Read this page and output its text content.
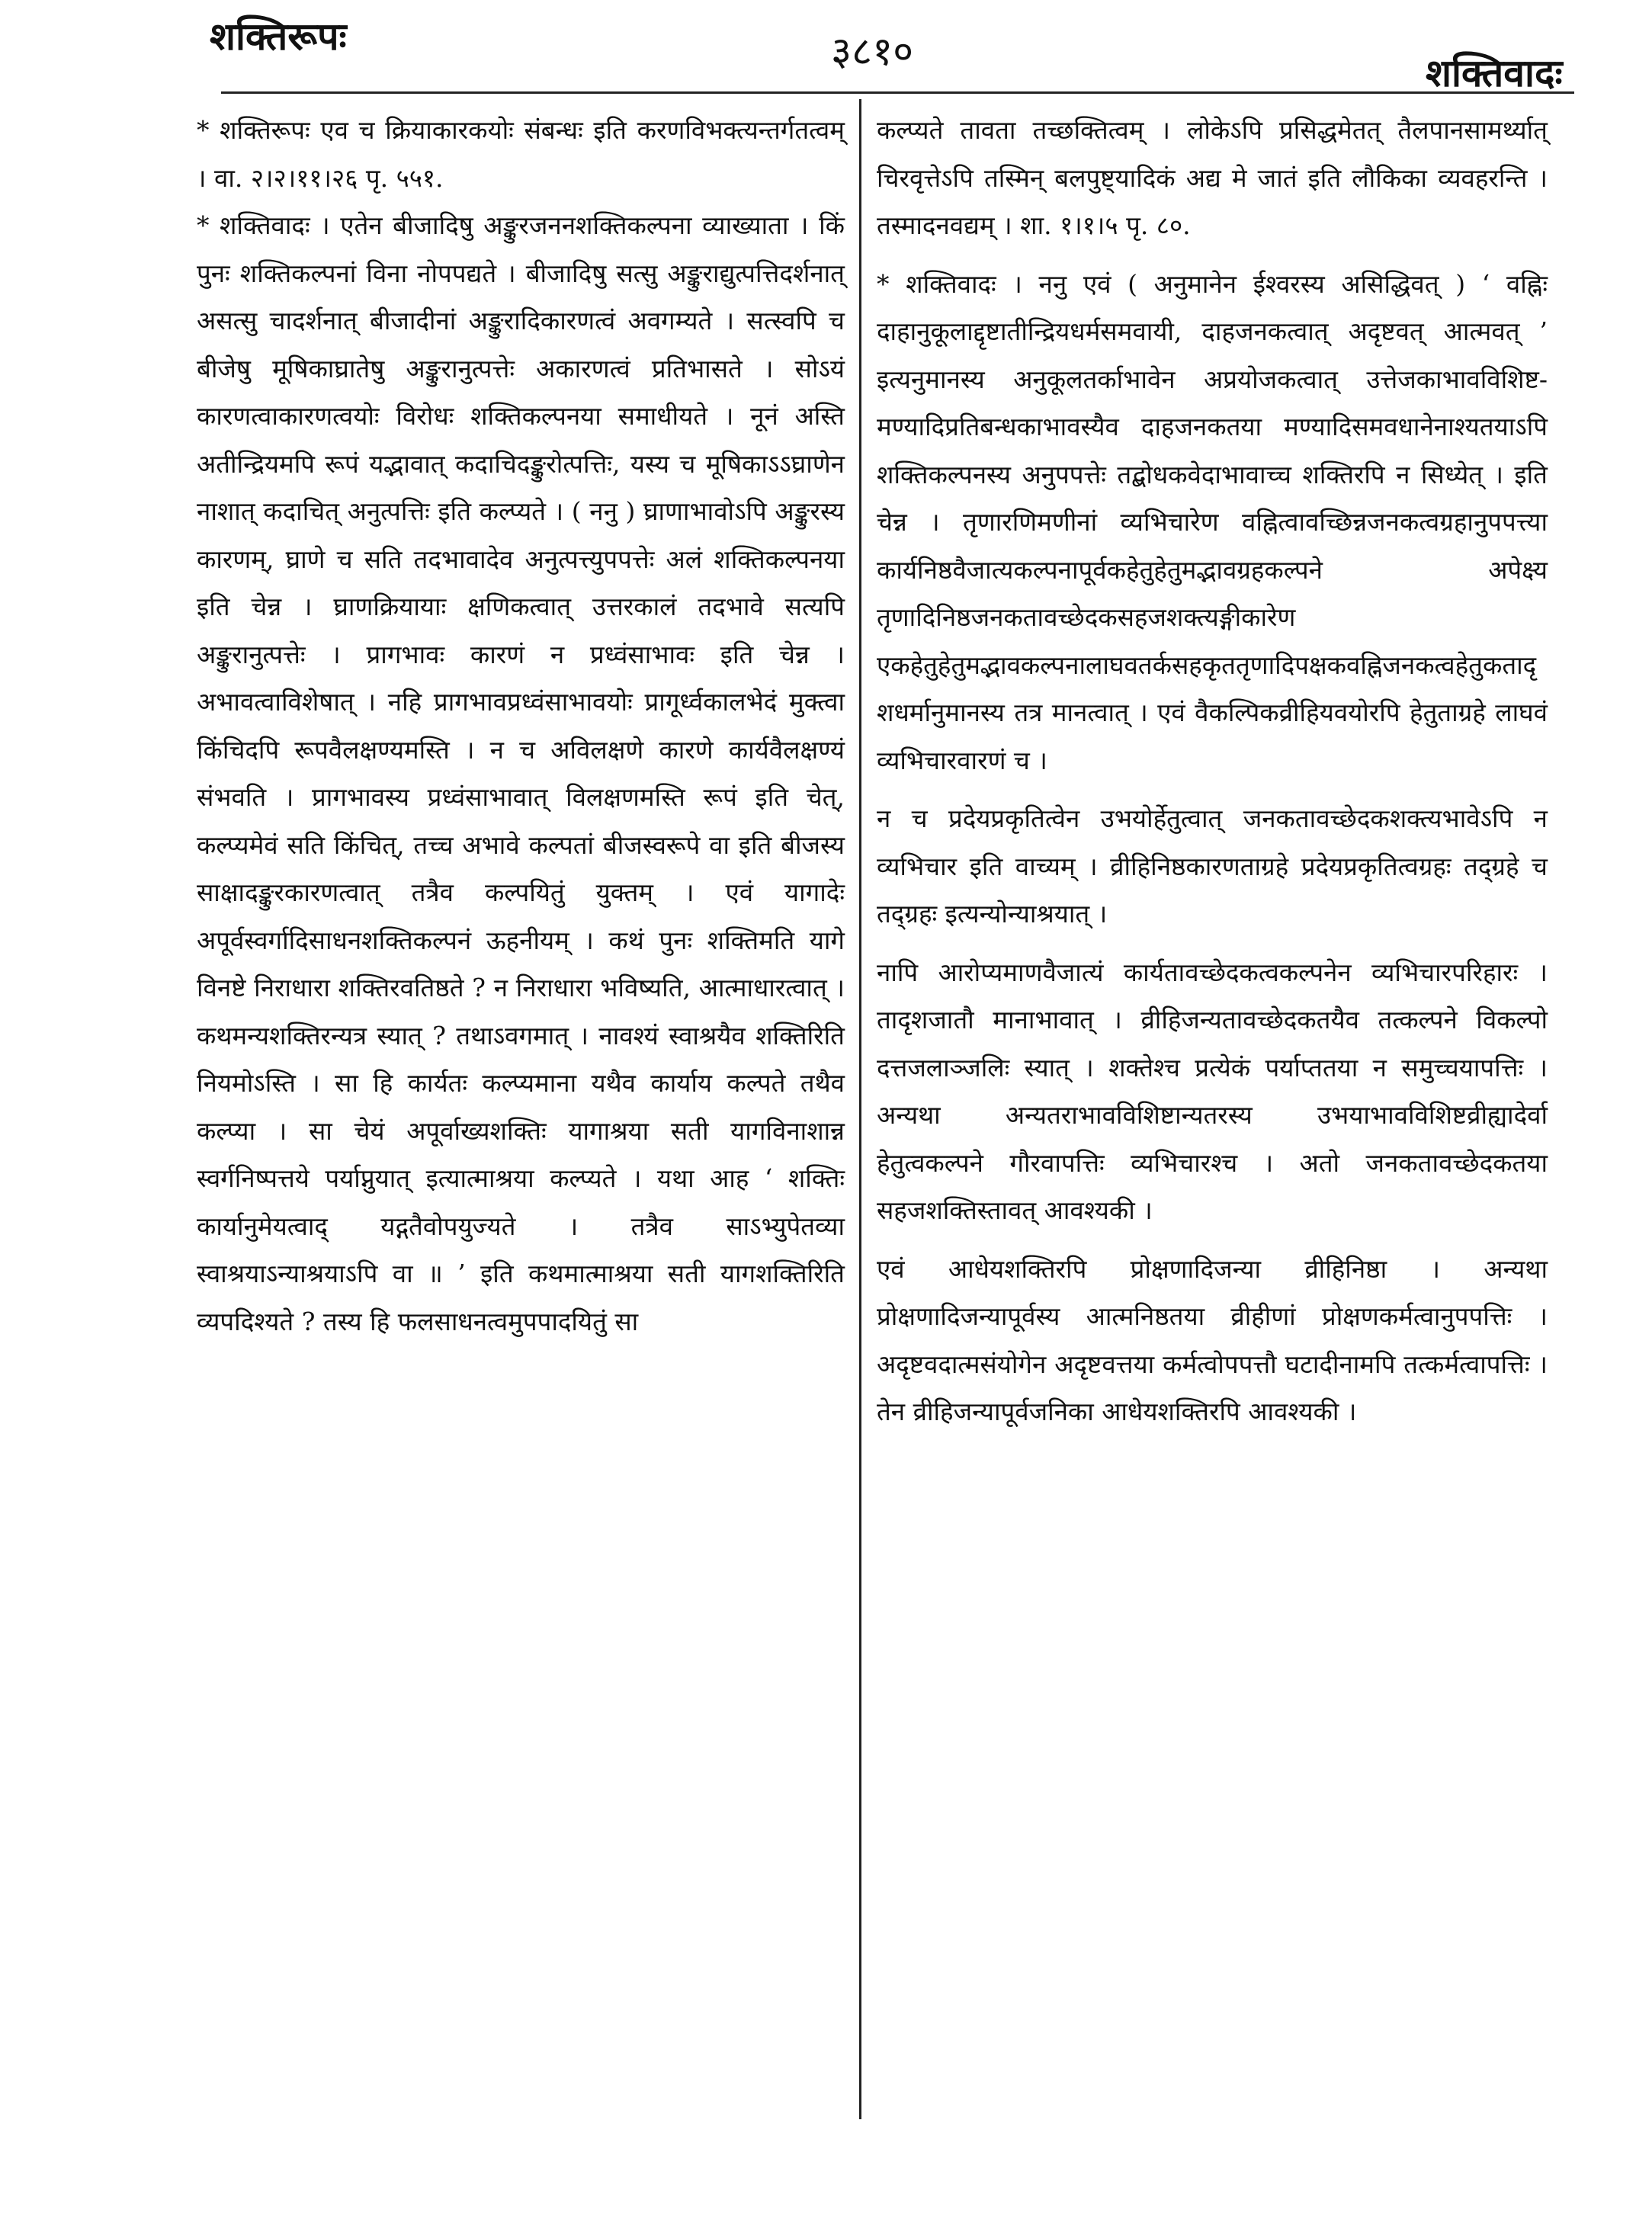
शक्तिरूपः	३८१०	शक्तिवादः

* शक्तिरूपः एव च क्रियाकारकयोः संबन्धः इति करणविभक्त्यन्तर्गतत्वम् । वा. २।२।११।२६ पृ. ५५१.

* शक्तिवादः । एतेन बीजादिषु अङ्कुरजननशक्तिकल्पना व्याख्याता । किं पुनः शक्तिकल्पनां विना नोपपद्यते । बीजादिषु सत्सु अङ्कुराद्युत्पत्तिदर्शनात् असत्सु चादर्शनात् बीजादीनां अङ्कुरादिकारणत्वं अवगम्यते । सत्स्वपि च बीजेषु मूषिकाघ्रातेषु अङ्कुरानुत्पत्तेः अकारणत्वं प्रतिभासते । सोऽयं कारणत्वाकारणत्वयोः विरोधः शक्तिकल्पनया समाधीयते । नूनं अस्ति अतीन्द्रियमपि रूपं यद्भावात् कदाचिदङ्कुरोत्पत्तिः, यस्य च मूषिकाऽऽघ्राणेन नाशात् कदाचित् अनुत्पत्तिः इति कल्प्यते । ( ननु ) घ्राणाभावोऽपि अङ्कुरस्य कारणम्, घ्राणे च सति तदभावादेव अनुत्पत्त्युपपत्तेः अलं शक्तिकल्पनया इति चेन्न । घ्राणक्रियायाः क्षणिकत्वात् उत्तरकालं तदभावे सत्यपि अङ्कुरानुत्पत्तेः । प्रागभावः कारणं न प्रध्वंसाभावः इति चेन्न । अभावत्वाविशेषात् । नहि प्रागभावप्रध्वंसाभावयोः प्रागूर्ध्वकालभेदं मुक्त्वा किंचिदपि रूपवैलक्षण्यमस्ति । न च अविलक्षणे कारणे कार्यवैलक्षण्यं संभवति । प्रागभावस्य प्रध्वंसाभावात् विलक्षणमस्ति रूपं इति चेत्, कल्प्यमेवं सति किंचित्, तच्च अभावे कल्पतां बीजस्वरूपे वा इति बीजस्य साक्षादङ्कुरकारणत्वात् तत्रैव कल्पयितुं युक्तम् । एवं यागादेः अपूर्वस्वर्गादिसाधनशक्तिकल्पनं ऊहनीयम् । कथं पुनः शक्तिमति यागे विनष्टे निराधारा शक्तिरवतिष्ठते ? न निराधारा भविष्यति, आत्माधारत्वात् । कथमन्यशक्तिरन्यत्र स्यात् ? तथाऽवगमात् । नावश्यं स्वाश्रयैव शक्तिरिति नियमोऽस्ति । सा हि कार्यतः कल्प्यमाना यथैव कार्याय कल्पते तथैव कल्प्या । सा चेयं अपूर्वाख्यशक्तिः यागाश्रया सती यागविनाशान्न स्वर्गनिष्पत्तये पर्याप्नुयात् इत्यात्माश्रया कल्प्यते । यथा आह ‘ शक्तिः कार्यानुमेयत्वाद् यद्गतैवोपयुज्यते । तत्रैव साऽभ्युपेतव्या स्वाश्रयाऽन्याश्रयाऽपि वा ॥ ’ इति कथमात्माश्रया सती यागशक्तिरिति व्यपदिश्यते ? तस्य हि फलसाधनत्वमुपपादयितुं सा

कल्प्यते तावता तच्छक्तित्वम् । लोकेऽपि प्रसिद्धमेतत् तैलपानसामर्थ्यात् चिरवृत्तेऽपि तस्मिन् बलपुष्ट्यादिकं अद्य मे जातं इति लौकिका व्यवहरन्ति । तस्मादनवद्यम् । शा. १।१।५ पृ. ८०.

* शक्तिवादः । ननु एवं ( अनुमानेन ईश्वरस्य असिद्धिवत् ) ‘ वह्निः दाहानुकूलाद्दृष्टातीन्द्रियधर्मसमवायी, दाहजनकत्वात् अदृष्टवत् आत्मवत् ’ इत्यनुमानस्य अनुकूलतर्काभावेन अप्रयोजकत्वात् उत्तेजकाभावविशिष्ट-मण्यादिप्रतिबन्धकाभावस्यैव दाहजनकतया मण्यादिसमवधानेनाश्यतयाऽपि शक्तिकल्पनस्य अनुपपत्तेः तद्बोधकवेदाभावाच्च शक्तिरपि न सिध्येत् । इति चेन्न । तृणारणिमणीनां व्यभिचारेण वह्नित्वावच्छिन्नजनकत्वग्रहानुपपत्त्या कार्यनिष्ठवैजात्यकल्पनापूर्वकहेतुहेतुमद्भावग्रहकल्पने अपेक्ष्य तृणादिनिष्ठजनकतावच्छेदकसहजशक्त्यङ्गीकारेण एकहेतुहेतुमद्भावकल्पनालाघवतर्कसहकृततृणादिपक्षकवह्निजनकत्वहेतुकतादृशधर्मानुमानस्य तत्र मानत्वात् । एवं वैकल्पिकव्रीहियवयोरपि हेतुताग्रहे लाघवं व्यभिचारवारणं च ।

न च प्रदेयप्रकृतित्वेन उभयोर्हेतुत्वात् जनकतावच्छेदकशक्त्यभावेऽपि न व्यभिचार इति वाच्यम् । व्रीहिनिष्ठकारणताग्रहे प्रदेयप्रकृतित्वग्रहः तद्ग्रहे च तद्ग्रहः इत्यन्योन्याश्रयात् ।

नापि आरोप्यमाणवैजात्यं कार्यतावच्छेदकत्वकल्पनेन व्यभिचारपरिहारः । तादृशजातौ मानाभावात् । व्रीहिजन्यतावच्छेदकतयैव तत्कल्पने विकल्पो दत्तजलाञ्जलिः स्यात् । शक्तेश्च प्रत्येकं पर्याप्ततया न समुच्चयापत्तिः । अन्यथा अन्यतराभावविशिष्टान्यतरस्य उभयाभावविशिष्टव्रीह्यादेर्वा हेतुत्वकल्पने गौरवापत्तिः व्यभिचारश्च । अतो जनकतावच्छेदकतया सहजशक्तिस्तावत् आवश्यकी ।

एवं आधेयशक्तिरपि प्रोक्षणादिजन्या व्रीहिनिष्ठा । अन्यथा प्रोक्षणादिजन्यापूर्वस्य आत्मनिष्ठतया व्रीहीणां प्रोक्षणकर्मत्वानुपपत्तिः । अदृष्टवदात्मसंयोगेन अदृष्टवत्तया कर्मत्वोपपत्तौ घटादीनामपि तत्कर्मत्वापत्तिः । तेन व्रीहिजन्यापूर्वजनिका आधेयशक्तिरपि आवश्यकी ।
